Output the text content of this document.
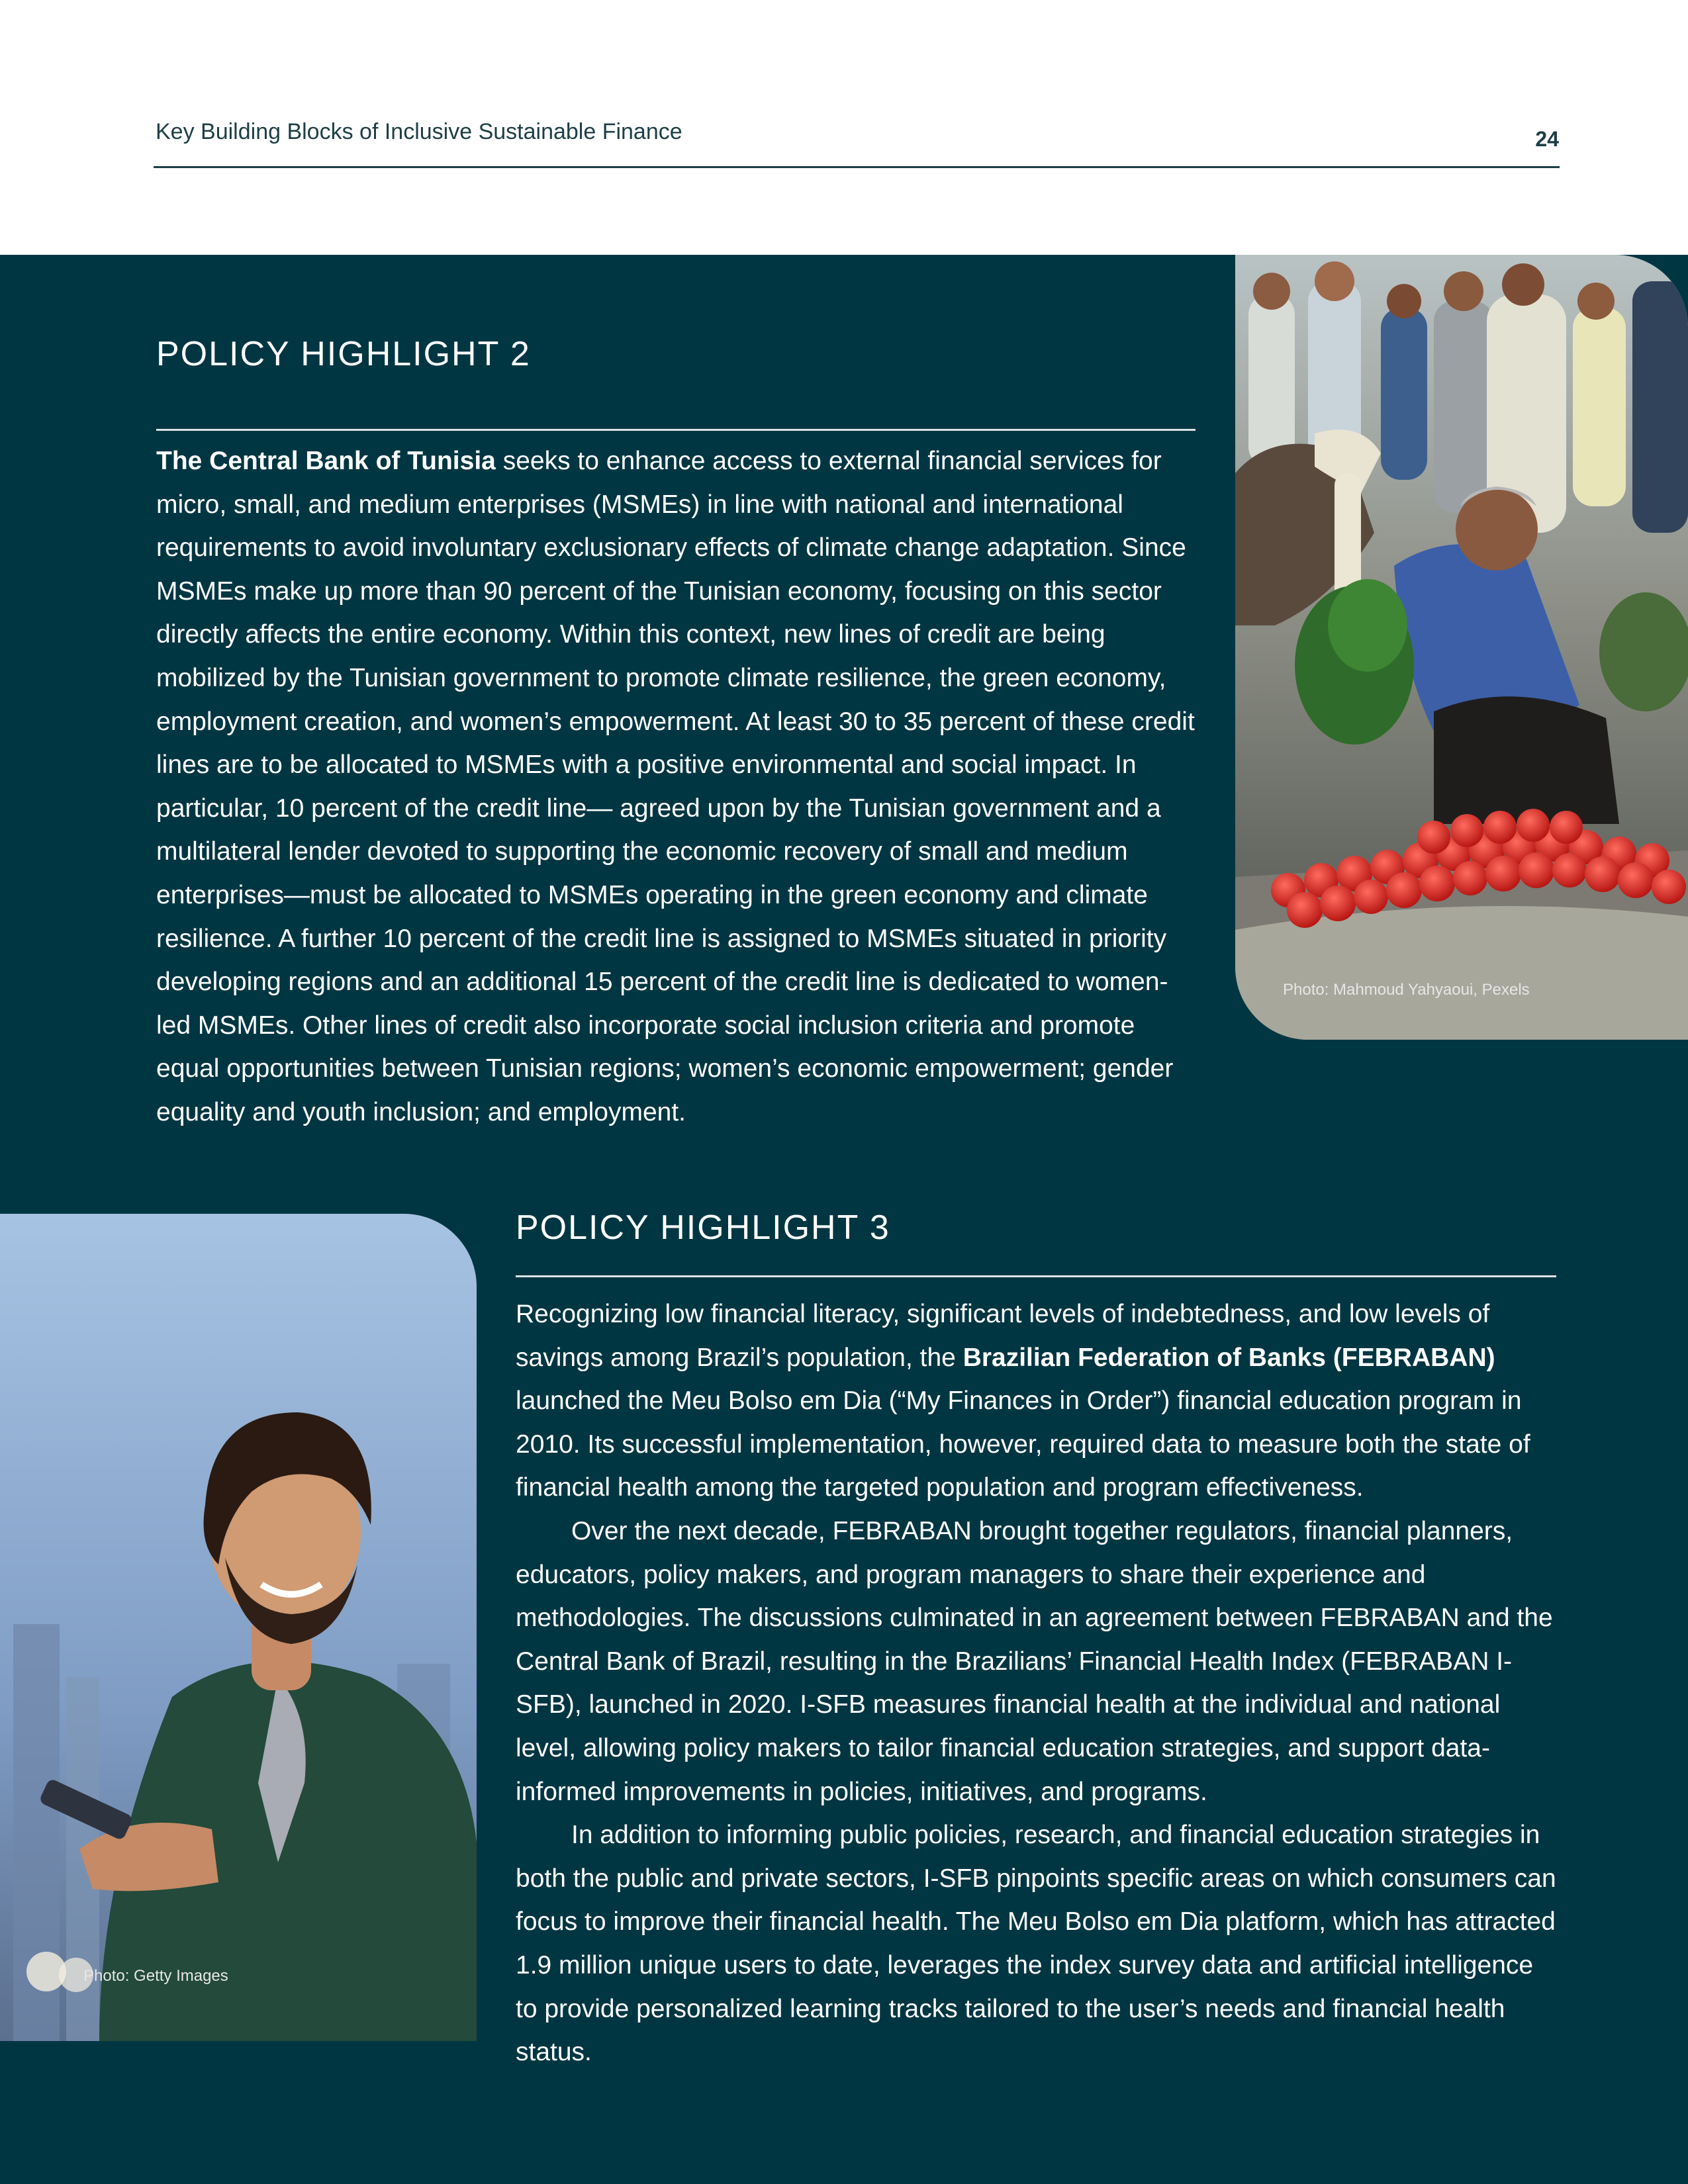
Key Building Blocks of Inclusive Sustainable Finance	24
Photo: Mahmoud Yahyaoui, Pexels
Photo: Getty Images
POLICY HIGHLIGHT 2

The Central Bank of Tunisia seeks to enhance access to external financial services for micro, small, and medium enterprises (MSMEs) in line with national and international requirements to avoid involuntary exclusionary effects of climate change adaptation. Since MSMEs make up more than 90 percent of the Tunisian economy, focusing on this sector directly affects the entire economy. Within this context, new lines of credit are being mobilized by the Tunisian government to promote climate resilience, the green economy, employment creation, and women’s empowerment. At least 30 to 35 percent of these credit lines are to be allocated to MSMEs with a positive environmental and social impact. In particular, 10 percent of the credit line— agreed upon by the Tunisian government and a multilateral lender devoted to supporting the economic recovery of small and medium enterprises—must be allocated to MSMEs operating in the green economy and climate resilience. A further 10 percent of the credit line is assigned to MSMEs situated in priority developing regions and an additional 15 percent of the credit line is dedicated to women-led MSMEs. Other lines of credit also incorporate social inclusion criteria and promote equal opportunities between Tunisian regions; women’s economic empowerment; gender equality and youth inclusion; and employment.

POLICY HIGHLIGHT 3

Recognizing low financial literacy, significant levels of indebtedness, and low levels of savings among Brazil’s population, the Brazilian Federation of Banks (FEBRABAN) launched the Meu Bolso em Dia (“My Finances in Order”) financial education program in 2010. Its successful implementation, however, required data to measure both the state of financial health among the targeted population and program effectiveness.

Over the next decade, FEBRABAN brought together regulators, financial planners, educators, policy makers, and program managers to share their experience and methodologies. The discussions culminated in an agreement between FEBRABAN and the Central Bank of Brazil, resulting in the Brazilians’ Financial Health Index (FEBRABAN I-SFB), launched in 2020. I-SFB measures financial health at the individual and national level, allowing policy makers to tailor financial education strategies, and support data-informed improvements in policies, initiatives, and programs.

In addition to informing public policies, research, and financial education strategies in both the public and private sectors, I-SFB pinpoints specific areas on which consumers can focus to improve their financial health. The Meu Bolso em Dia platform, which has attracted 1.9 million unique users to date, leverages the index survey data and artificial intelligence to provide personalized learning tracks tailored to the user’s needs and financial health status.
